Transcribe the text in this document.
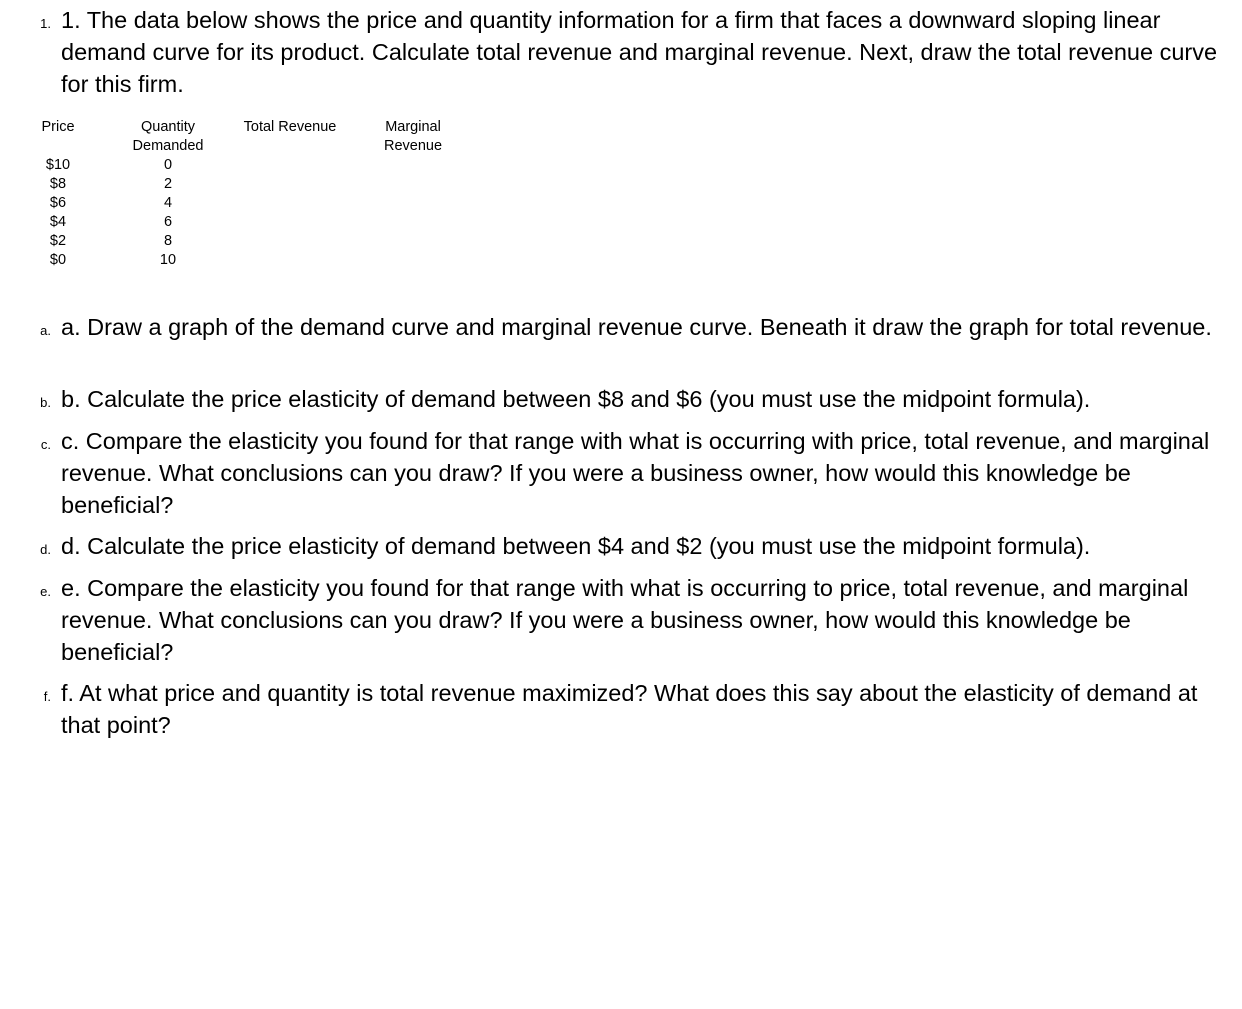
1. 1. The data below shows the price and quantity information for a firm that faces a downward sloping linear demand curve for its product. Calculate total revenue and marginal revenue. Next, draw the total revenue curve for this firm.
Price	Quantity
Demanded
Total Revenue	Marginal
Revenue
$10
$8
$6
$4
$2
$0
0
2
4
6
8
10
a. a. Draw a graph of the demand curve and marginal revenue curve. Beneath it draw the graph for total revenue.
b. b. Calculate the price elasticity of demand between $8 and $6 (you must use the midpoint formula).
c. c. Compare the elasticity you found for that range with what is occurring with price, total revenue, and marginal revenue. What conclusions can you draw? If you were a business owner, how would this knowledge be beneficial?
d. d. Calculate the price elasticity of demand between $4 and $2 (you must use the midpoint formula).
e. e. Compare the elasticity you found for that range with what is occurring to price, total revenue, and marginal revenue. What conclusions can you draw? If you were a business owner, how would this knowledge be beneficial?
f. f. At what price and quantity is total revenue maximized? What does this say about the elasticity of demand at that point?
